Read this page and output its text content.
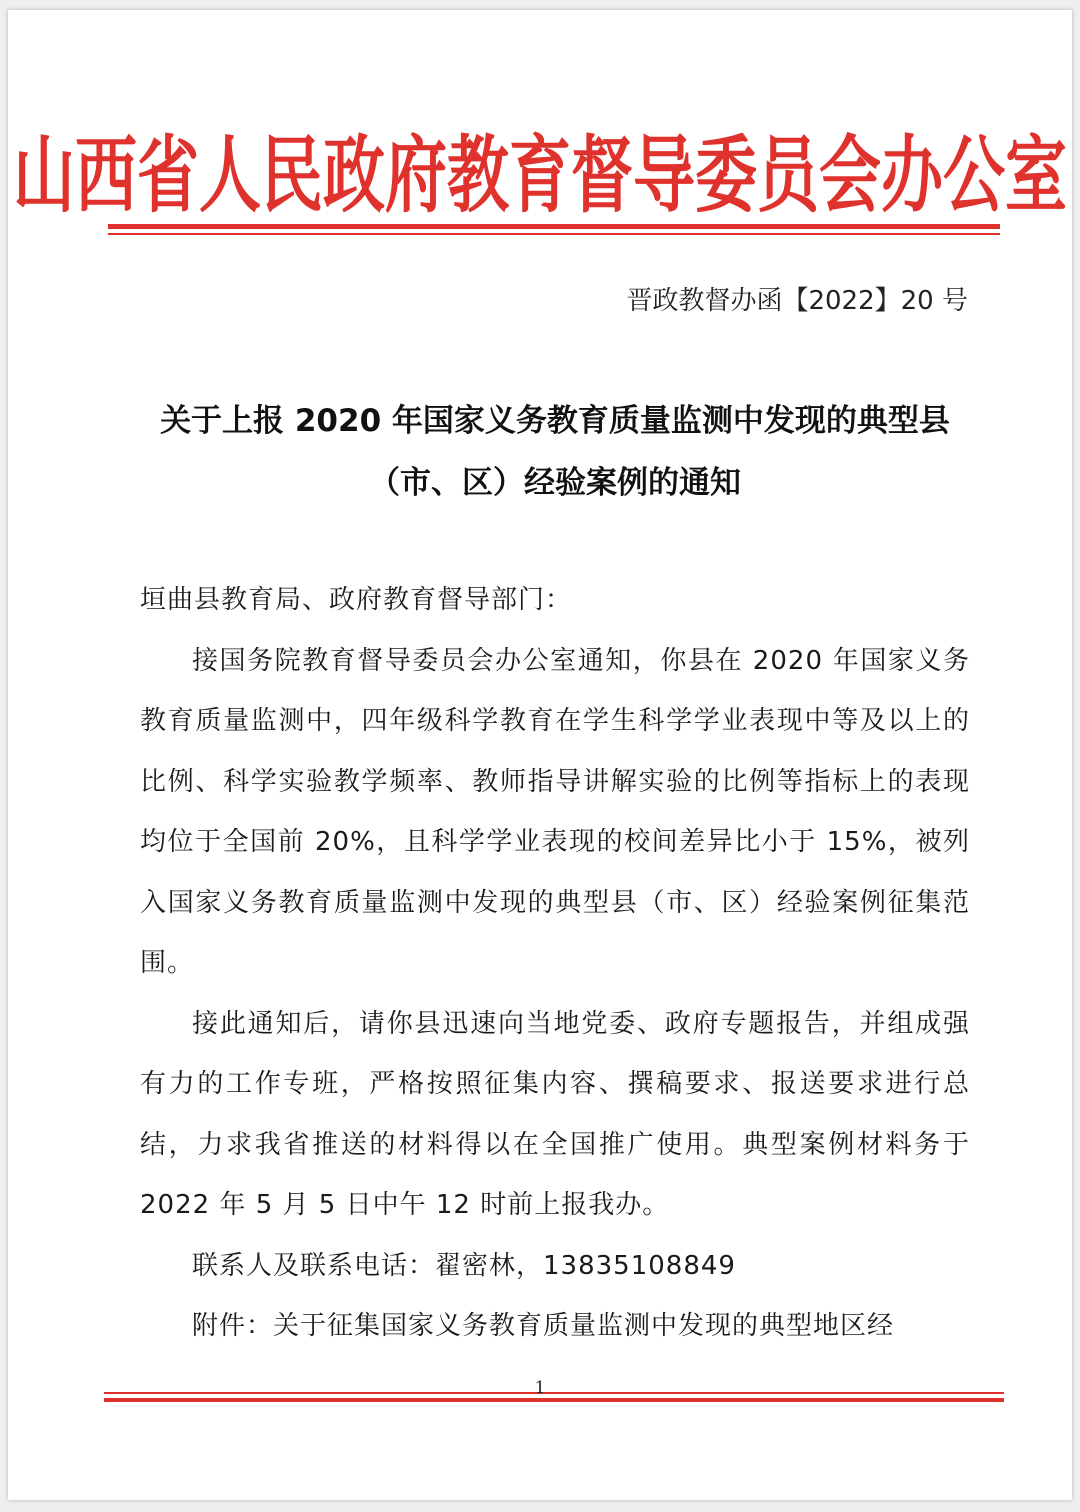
山西省人民政府教育督导委员会办公室
晋政教督办函【2022】20 号
关于上报 2020 年国家义务教育质量监测中发现的典型县
（市、区）经验案例的通知

垣曲县教育局、政府教育督导部门：

接国务院教育督导委员会办公室通知，你县在 2020 年国家义务教育质量监测中，四年级科学教育在学生科学学业表现中等及以上的比例、科学实验教学频率、教师指导讲解实验的比例等指标上的表现均位于全国前 20%，且科学学业表现的校间差异比小于 15%，被列入国家义务教育质量监测中发现的典型县（市、区）经验案例征集范围。

接此通知后，请你县迅速向当地党委、政府专题报告，并组成强有力的工作专班，严格按照征集内容、撰稿要求、报送要求进行总结，力求我省推送的材料得以在全国推广使用。典型案例材料务于 2022 年 5 月 5 日中午 12 时前上报我办。

联系人及联系电话：翟密林，13835108849

附件：关于征集国家义务教育质量监测中发现的典型地区经

1
